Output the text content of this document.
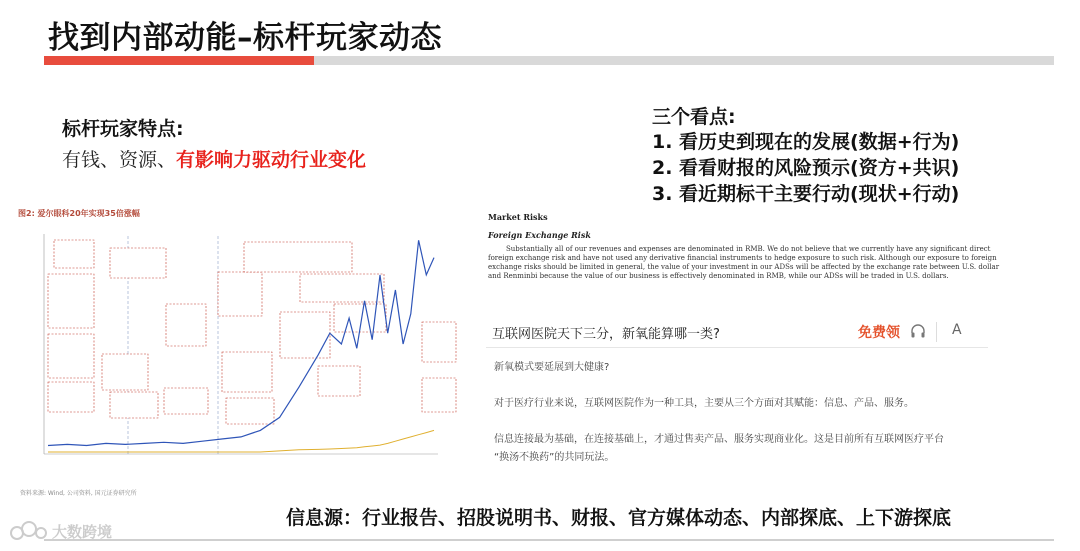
找到内部动能–标杆玩家动态
标杆玩家特点:
有钱、资源、有影响力驱动行业变化
三个看点:
1. 看历史到现在的发展(数据+行为)
2. 看看财报的风险预示(资方+共识)
3. 看近期标干主要行动(现状+行动)
图2: 爱尔眼科20年实现35倍涨幅
资料来源: Wind, 公司资料, 国元证券研究所
Market Risks
Foreign Exchange Risk
Substantially all of our revenues and expenses are denominated in RMB. We do not believe that we currently have any significant direct foreign exchange risk and have not used any derivative financial instruments to hedge exposure to such risk. Although our exposure to foreign exchange risks should be limited in general, the value of your investment in our ADSs will be affected by the exchange rate between U.S. dollar and Renminbi because the value of our business is effectively denominated in RMB, while our ADSs will be traded in U.S. dollars.
互联网医院天下三分，新氧能算哪一类?	免费领	A
新氧模式要延展到大健康?
对于医疗行业来说，互联网医院作为一种工具，主要从三个方面对其赋能：信息、产品、服务。
信息连接最为基础，在连接基础上，才通过售卖产品、服务实现商业化。这是目前所有互联网医疗平台
“换汤不换药”的共同玩法。
信息源：行业报告、招股说明书、财报、官方媒体动态、内部探底、上下游探底
大数跨境
